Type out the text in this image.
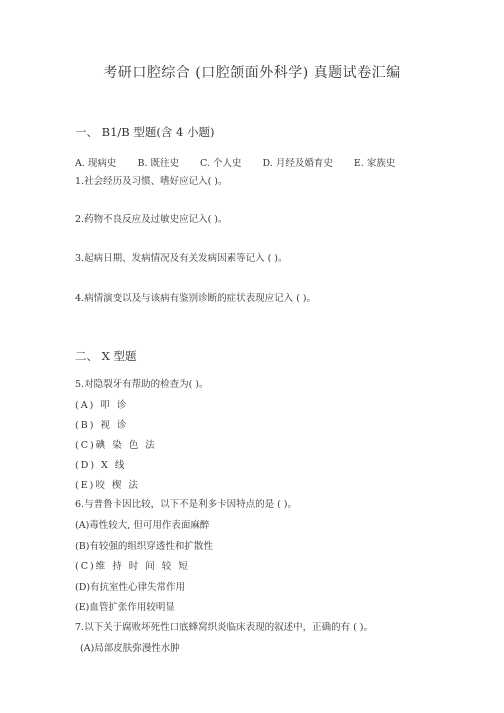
考研口腔综合 (口腔颌面外科学) 真题试卷汇编
一、 B1/B 型题(含 4 小题)
A. 现病史 B. 既往史 C. 个人史 D. 月经及婚育史 E. 家族史
1.社会经历及习惯、嗜好应记入( )。
2.药物不良反应及过敏史应记入( )。
3.起病日期、发病情况及有关发病因素等记入 ( )。
4.病情演变以及与该病有鉴别诊断的症状表现应记入 ( )。
二、 X 型题
5.对隐裂牙有帮助的检查为( )。
(A) 叩 诊
(B) 视 诊
(C)碘 染 色 法
(D) X 线
(E)咬 楔 法
6.与普鲁卡因比较，以下不是利多卡因特点的是 ( )。
(A)毒性较大, 但可用作表面麻醉
(B)有较强的组织穿透性和扩散性
(C)维 持 时 间 较 短
(D)有抗室性心律失常作用
(E)血管扩张作用较明显
7.以下关于腐败坏死性口底蜂窝织炎临床表现的叙述中，正确的有 ( )。
(A)局部皮肤弥漫性水肿
